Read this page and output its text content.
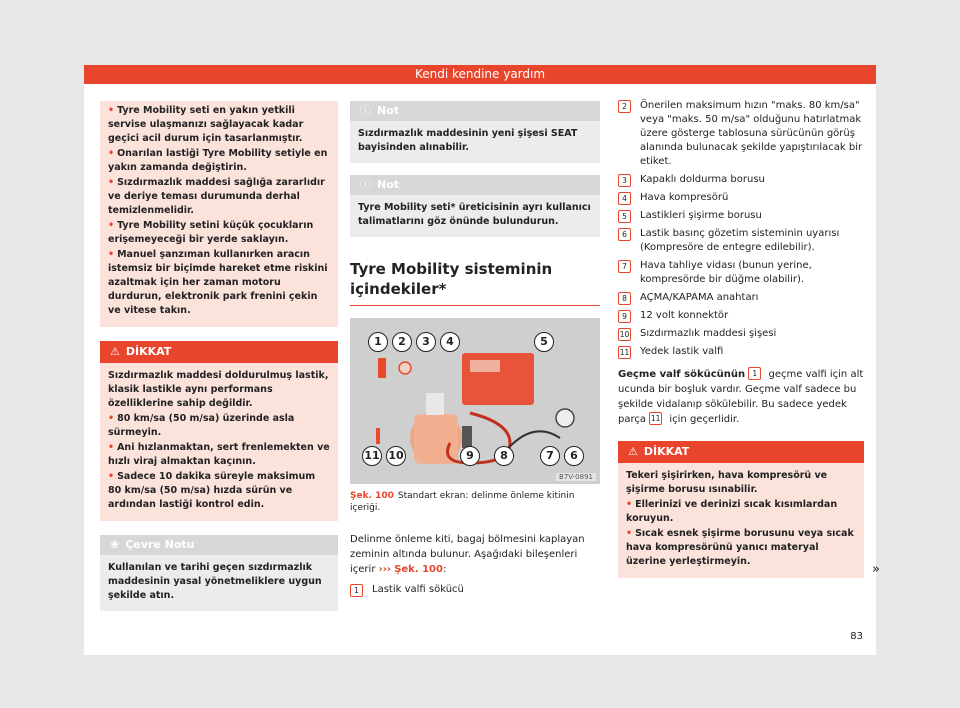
Kendi kendine yardım
• Tyre Mobility seti en yakın yetkili servise ulaşmanızı sağlayacak kadar geçici acil durum için tasarlanmıştır.
• Onarılan lastiği Tyre Mobility setiyle en yakın zamanda değiştirin.
• Sızdırmazlık maddesi sağlığa zararlıdır ve deriye teması durumunda derhal temizlenmelidir.
• Tyre Mobility setini küçük çocukların erişemeyeceği bir yerde saklayın.
• Manuel şanzıman kullanırken aracın istemsiz bir biçimde hareket etme riskini azaltmak için her zaman motoru durdurun, elektronik park frenini çekin ve vitese takın.
⚠ DİKKAT
Sızdırmazlık maddesi doldurulmuş lastik, klasik lastikle aynı performans özelliklerine sahip değildir.
• 80 km/sa (50 m/sa) üzerinde asla sürmeyin.
• Ani hızlanmaktan, sert frenlemekten ve hızlı viraj almaktan kaçının.
• Sadece 10 dakika süreyle maksimum 80 km/sa (50 m/sa) hızda sürün ve ardından lastiği kontrol edin.
❀ Çevre Notu
Kullanılan ve tarihi geçen sızdırmazlık maddesinin yasal yönetmeliklere uygun şekilde atın.
ⓘ Not
Sızdırmazlık maddesinin yeni şişesi SEAT bayisinden alınabilir.
ⓘ Not
Tyre Mobility seti* üreticisinin ayrı kullanıcı talimatlarını göz önünde bulundurun.
Tyre Mobility sisteminin içindekiler*
1	2	3	4	5
11 10	9	8	7	6
B7V-0891
Şek. 100 Standart ekran: delinme önleme kitinin içeriği.
Delinme önleme kiti, bagaj bölmesini kaplayan zeminin altında bulunur. Aşağıdaki bileşenleri içerir ››› Şek. 100:
1	Lastik valfi sökücü
2	Önerilen maksimum hızın "maks. 80 km/sa" veya "maks. 50 m/sa" olduğunu hatırlatmak üzere gösterge tablosuna sürücünün görüş alanında bulunacak şekilde yapıştırılacak bir etiket.
3	Kapaklı doldurma borusu
4	Hava kompresörü
5	Lastikleri şişirme borusu
6	Lastik basınç gözetim sisteminin uyarısı (Kompresöre de entegre edilebilir).
7	Hava tahliye vidası (bunun yerine, kompresörde bir düğme olabilir).
8	AÇMA/KAPAMA anahtarı
9	12 volt konnektör
10 Sızdırmazlık maddesi şişesi
11 Yedek lastik valfi
Geçme valf sökücünün 1 geçme valfi için alt ucunda bir boşluk vardır. Geçme valf sadece bu şekilde vidalanıp sökülebilir. Bu sadece yedek parça 11 için geçerlidir.
⚠ DİKKAT
Tekeri şişirirken, hava kompresörü ve şişirme borusu ısınabilir.
• Ellerinizi ve derinizi sıcak kısımlardan koruyun.
• Sıcak esnek şişirme borusunu veya sıcak hava kompresörünü yanıcı materyal üzerine yerleştirmeyin.
»
83
